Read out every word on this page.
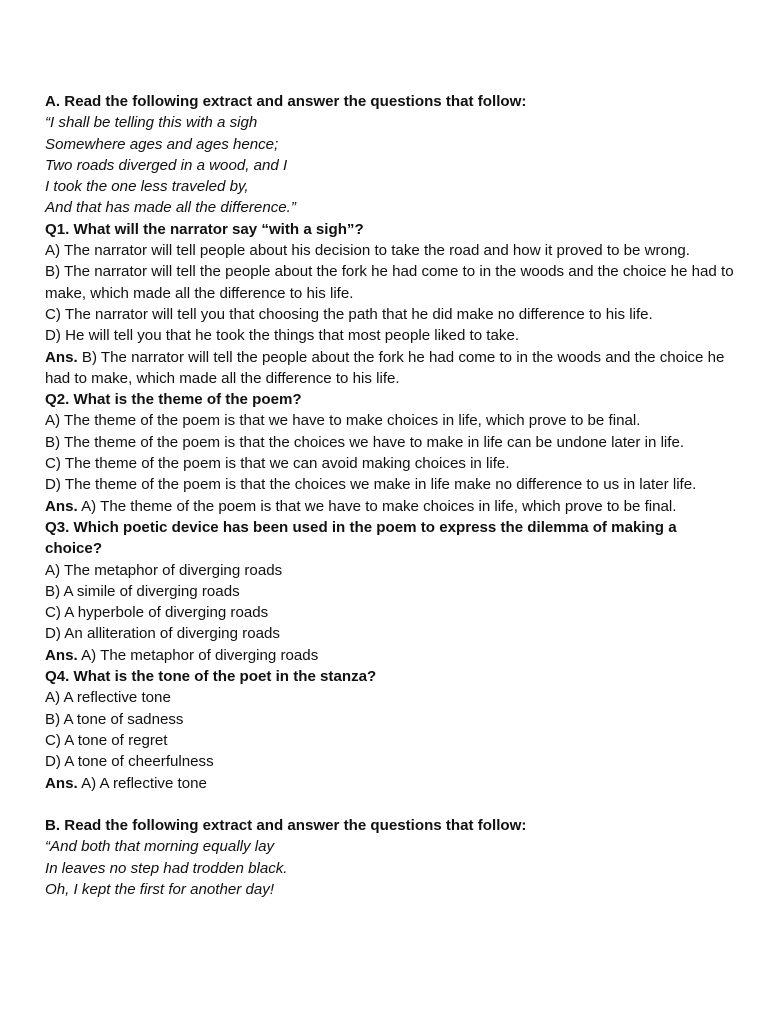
A. Read the following extract and answer the questions that follow:
“I shall be telling this with a sigh
Somewhere ages and ages hence;
Two roads diverged in a wood, and I
I took the one less traveled by,
And that has made all the difference.”
Q1. What will the narrator say “with a sigh”?
A) The narrator will tell people about his decision to take the road and how it proved to be wrong.
B) The narrator will tell the people about the fork he had come to in the woods and the choice he had to make, which made all the difference to his life.
C) The narrator will tell you that choosing the path that he did make no difference to his life.
D) He will tell you that he took the things that most people liked to take.
Ans. B) The narrator will tell the people about the fork he had come to in the woods and the choice he had to make, which made all the difference to his life.
Q2. What is the theme of the poem?
A) The theme of the poem is that we have to make choices in life, which prove to be final.
B) The theme of the poem is that the choices we have to make in life can be undone later in life.
C) The theme of the poem is that we can avoid making choices in life.
D) The theme of the poem is that the choices we make in life make no difference to us in later life.
Ans. A) The theme of the poem is that we have to make choices in life, which prove to be final.
Q3. Which poetic device has been used in the poem to express the dilemma of making a choice?
A) The metaphor of diverging roads
B) A simile of diverging roads
C) A hyperbole of diverging roads
D) An alliteration of diverging roads
Ans. A) The metaphor of diverging roads
Q4. What is the tone of the poet in the stanza?
A) A reflective tone
B) A tone of sadness
C) A tone of regret
D) A tone of cheerfulness
Ans. A) A reflective tone
B. Read the following extract and answer the questions that follow:
“And both that morning equally lay
In leaves no step had trodden black.
Oh, I kept the first for another day!
